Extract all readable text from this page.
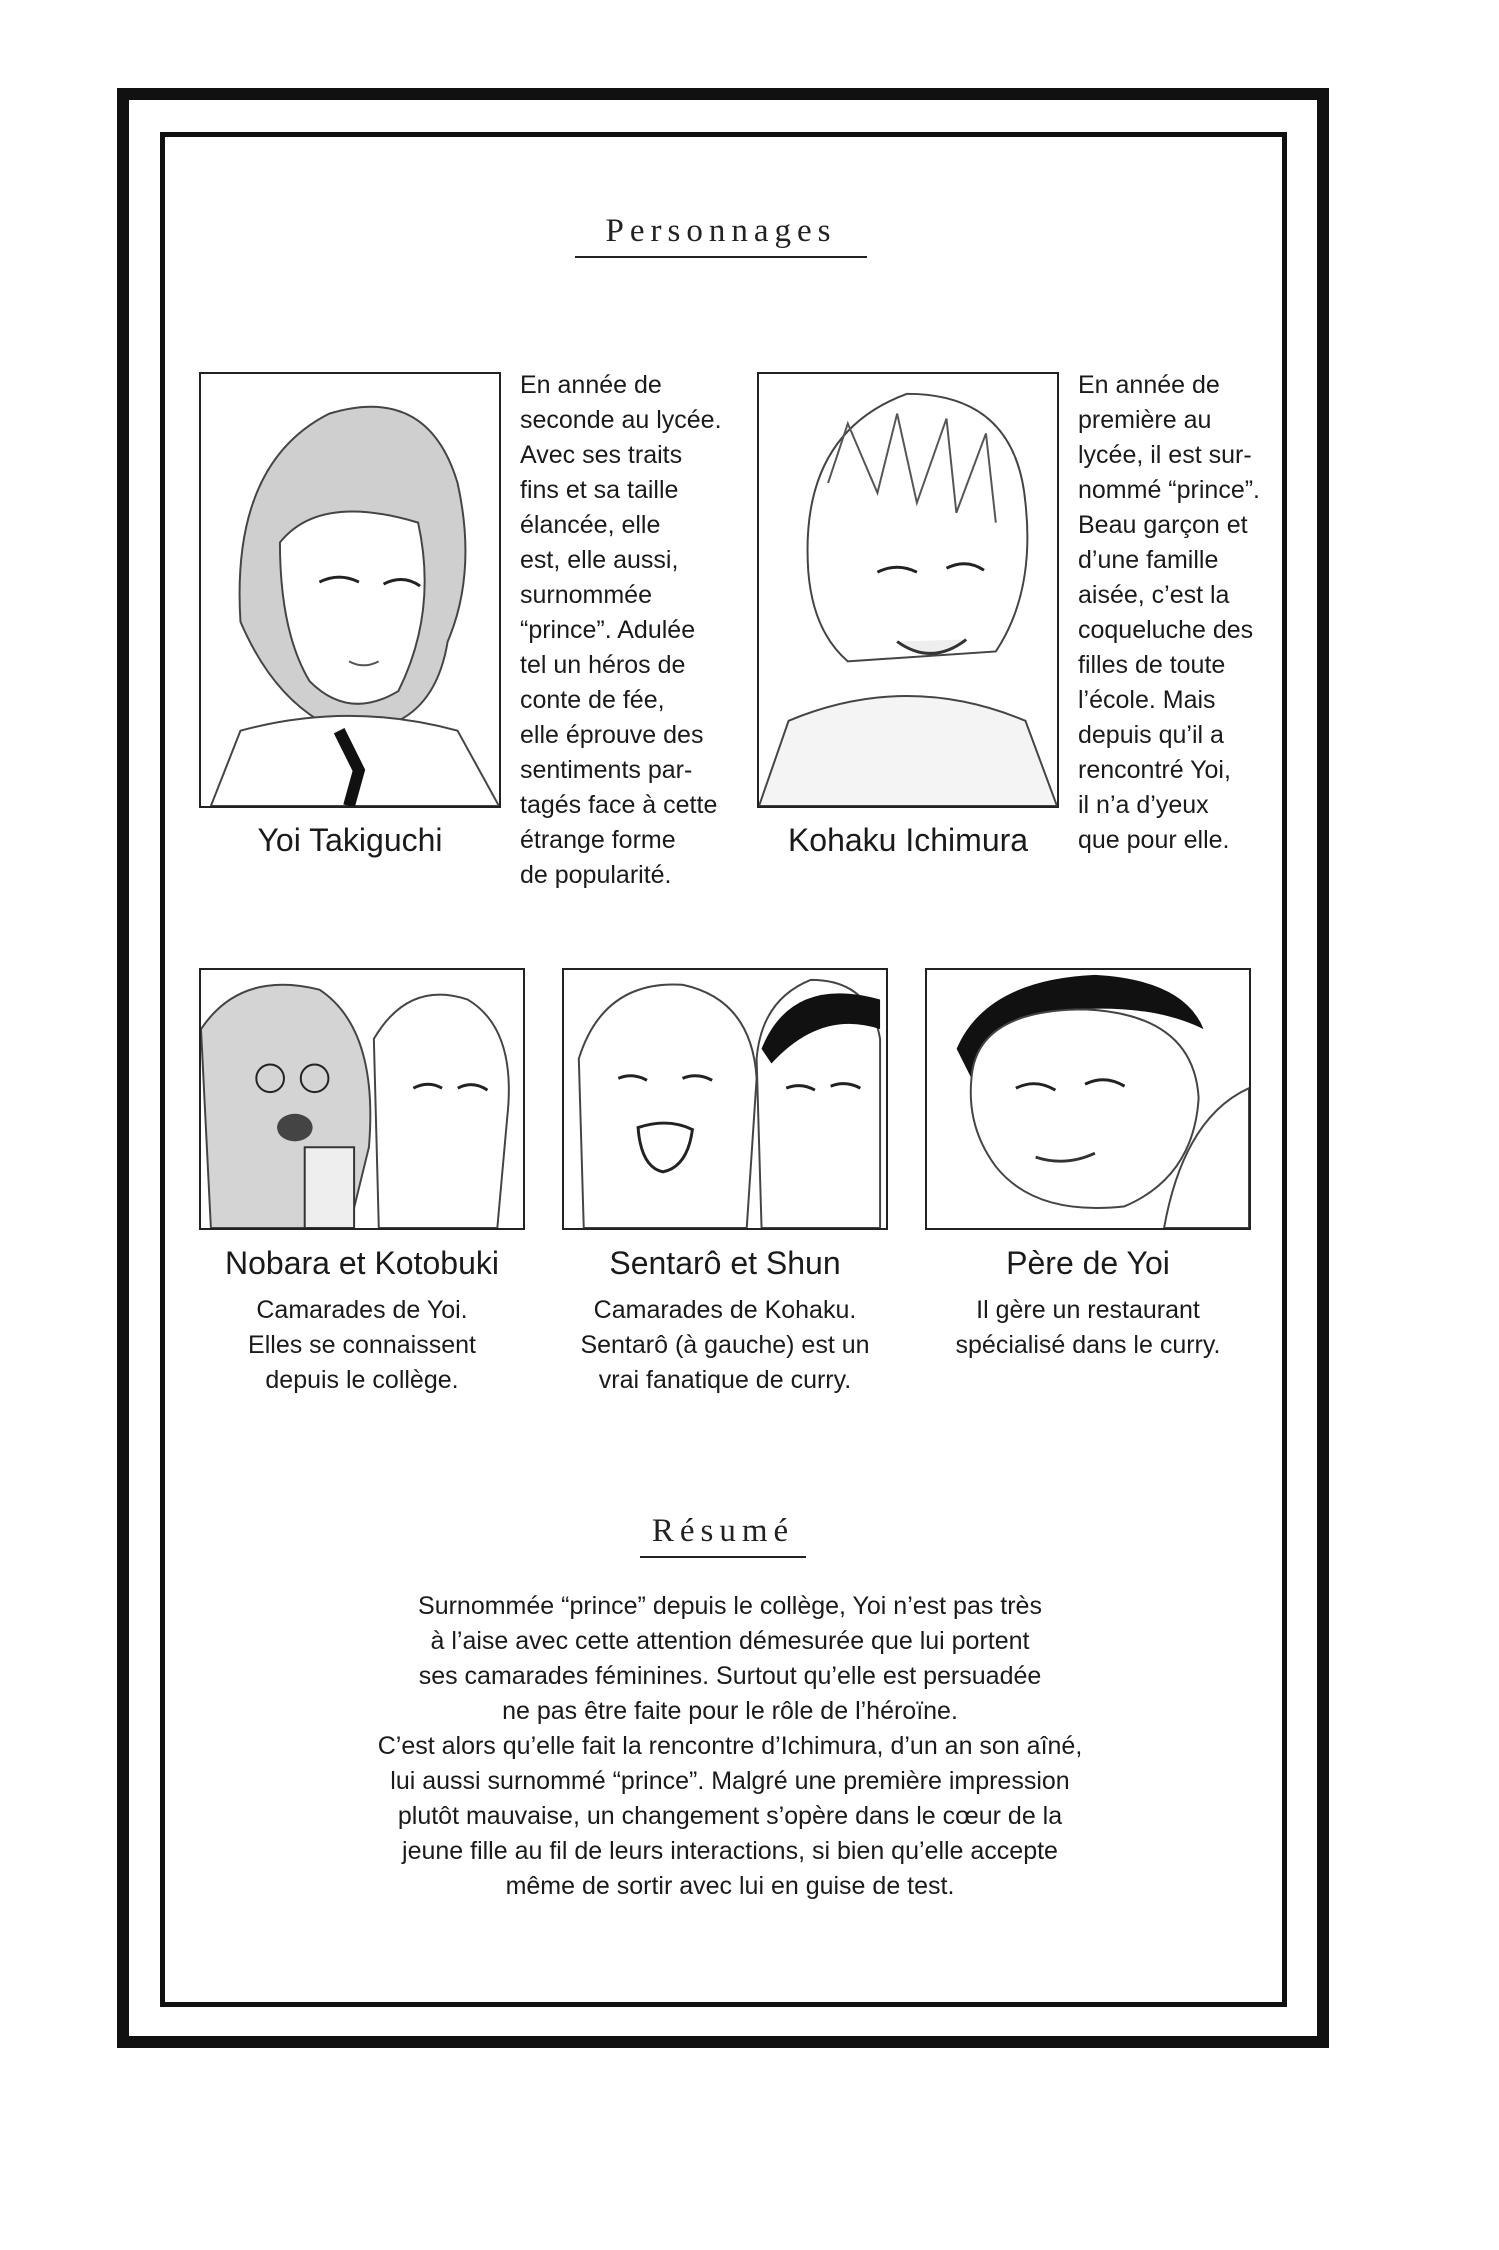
Personnages
Yoi Takiguchi
En année de
seconde au lycée.
Avec ses traits
fins et sa taille
élancée, elle
est, elle aussi,
surnommée
“prince”. Adulée
tel un héros de
conte de fée,
elle éprouve des
sentiments par-
tagés face à cette
étrange forme
de popularité.
Kohaku Ichimura
En année de
première au
lycée, il est sur-
nommé “prince”.
Beau garçon et
d’une famille
aisée, c’est la
coqueluche des
filles de toute
l’école. Mais
depuis qu’il a
rencontré Yoi,
il n’a d’yeux
que pour elle.
Nobara et Kotobuki
Camarades de Yoi.
Elles se connaissent
depuis le collège.
Sentarô et Shun
Camarades de Kohaku.
Sentarô (à gauche) est un
vrai fanatique de curry.
Père de Yoi
Il gère un restaurant
spécialisé dans le curry.
Résumé
Surnommée “prince” depuis le collège, Yoi n’est pas très
à l’aise avec cette attention démesurée que lui portent
ses camarades féminines. Surtout qu’elle est persuadée
ne pas être faite pour le rôle de l’héroïne.
C’est alors qu’elle fait la rencontre d’Ichimura, d’un an son aîné,
lui aussi surnommé “prince”. Malgré une première impression
plutôt mauvaise, un changement s’opère dans le cœur de la
jeune fille au fil de leurs interactions, si bien qu’elle accepte
même de sortir avec lui en guise de test.
